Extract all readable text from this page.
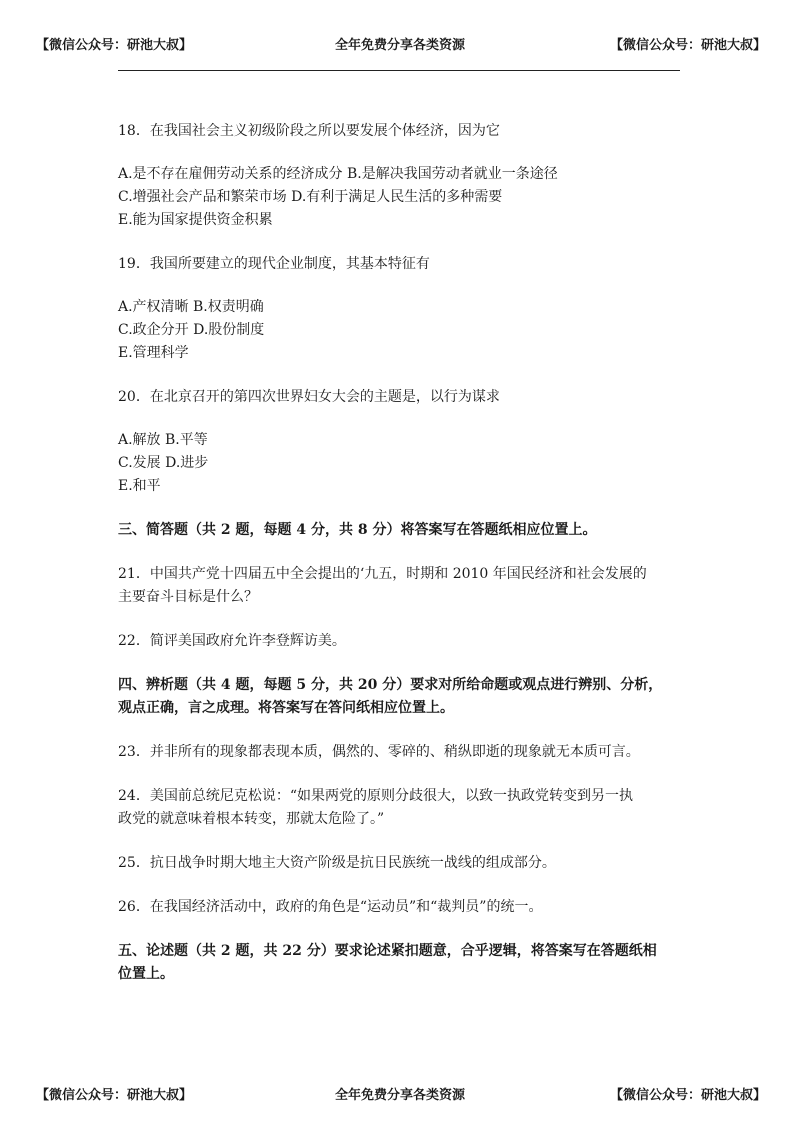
【微信公众号：研池大叔】	全年免费分享各类资源	【微信公众号：研池大叔】

18．在我国社会主义初级阶段之所以要发展个体经济，因为它

A.是不存在雇佣劳动关系的经济成分 B.是解决我国劳动者就业一条途径
C.增强社会产品和繁荣市场 D.有利于满足人民生活的多种需要
E.能为国家提供资金积累

19．我国所要建立的现代企业制度，其基本特征有

A.产权清晰 B.权责明确
C.政企分开 D.股份制度
E.管理科学

20．在北京召开的第四次世界妇女大会的主题是，以行为谋求

A.解放 B.平等
C.发展 D.进步
E.和平

三、简答题（共 2 题，每题 4 分，共 8 分）将答案写在答题纸相应位置上。

21．中国共产党十四届五中全会提出的‘九五，时期和 2010 年国民经济和社会发展的

主要奋斗目标是什么？

22．简评美国政府允许李登辉访美。

四、辨析题（共 4 题，每题 5 分，共 20 分）要求对所给命题或观点进行辨别、分析，

观点正确，言之成理。将答案写在答问纸相应位置上。

23．并非所有的现象都表现本质，偶然的、零碎的、稍纵即逝的现象就无本质可言。

24．美国前总统尼克松说：“如果两党的原则分歧很大，以致一执政党转变到另一执

政党的就意味着根本转变，那就太危险了。”

25．抗日战争时期大地主大资产阶级是抗日民族统一战线的组成部分。

26．在我国经济活动中，政府的角色是“运动员”和“裁判员”的统一。

五、论述题（共 2 题，共 22 分）要求论述紧扣题意，合乎逻辑，将答案写在答题纸相

位置上。

【微信公众号：研池大叔】	全年免费分享各类资源	【微信公众号：研池大叔】
